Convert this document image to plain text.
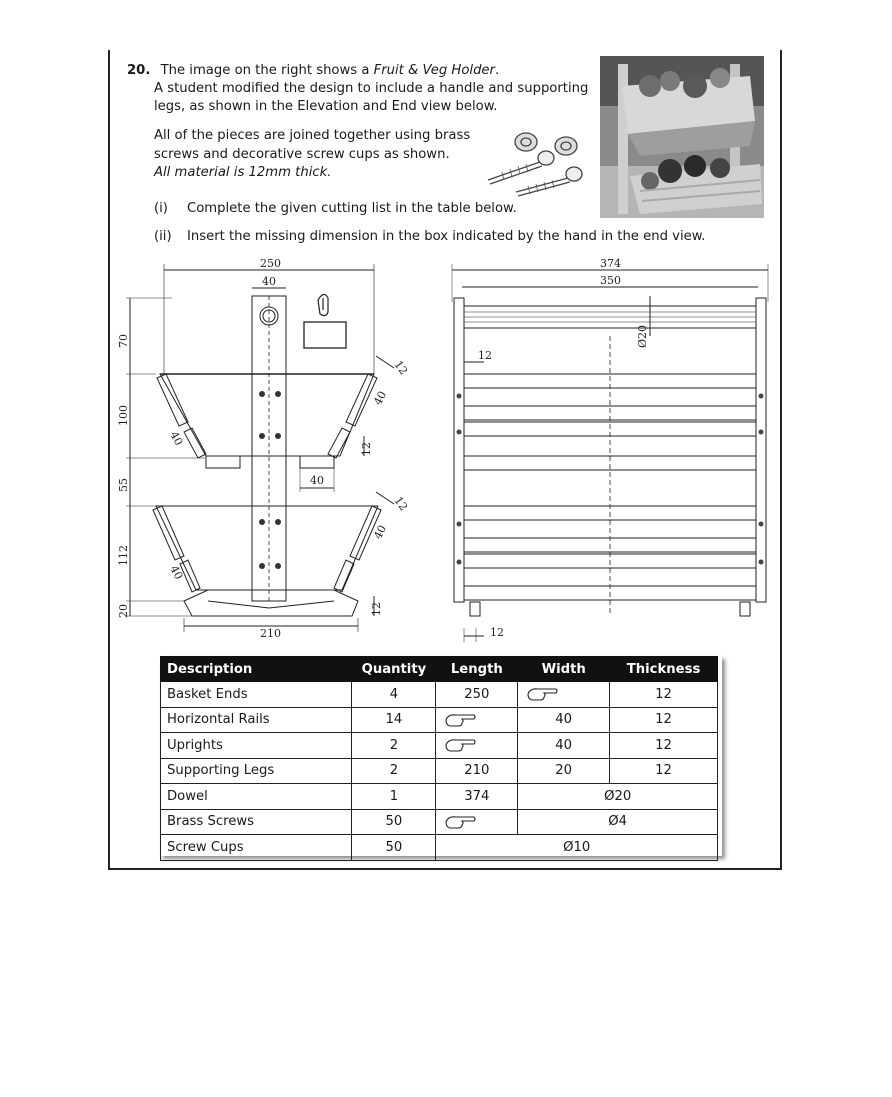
20. The image on the right shows a Fruit & Veg Holder.
A student modified the design to include a handle and supporting
legs, as shown in the Elevation and End view below.
All of the pieces are joined together using brass
screws and decorative screw cups as shown.
All material is 12mm thick.
(i) Complete the given cutting list in the table below.
(ii) Insert the missing dimension in the box indicated by the hand in the end view.
250
40
210
40
70
100
55
112
20
12
12
12
12
40
40
40
40
374
350
Ø20
12
12
Description	Quantity	Length	Width	Thickness
Basket Ends	4	250		12
Horizontal Rails	14		40	12
Uprights	2		40	12
Supporting Legs	2	210	20	12
Dowel	1	374	Ø20	
Brass Screws	50		Ø4	
Screw Cups	50	Ø10		
